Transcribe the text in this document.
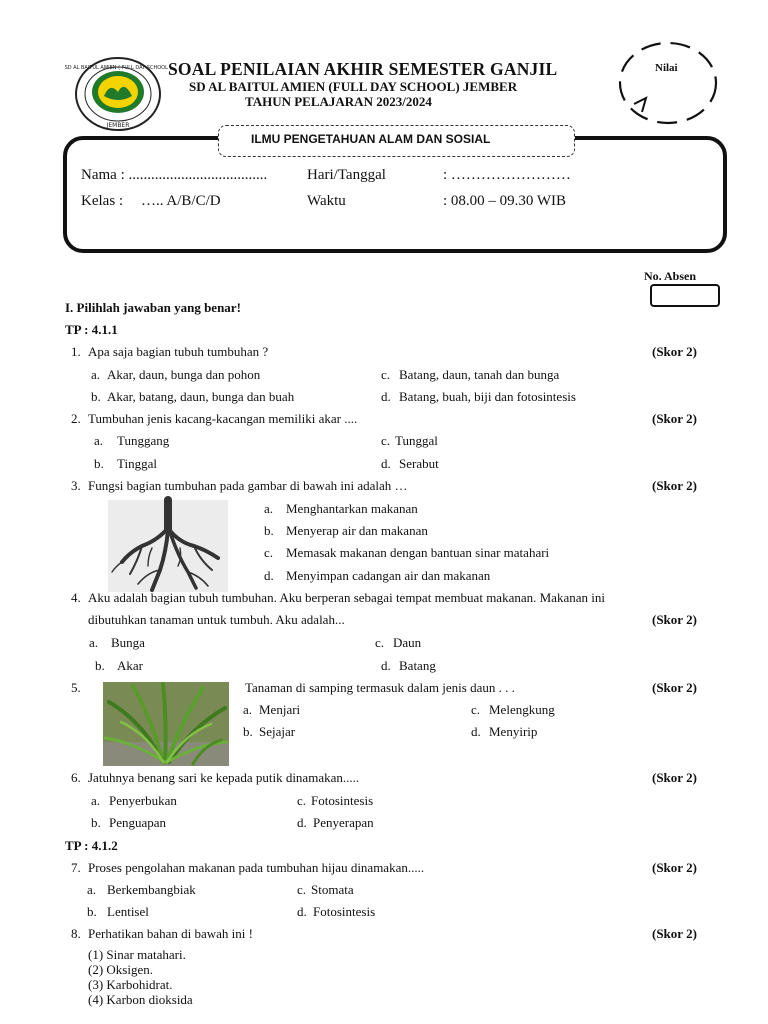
SD AL BAITUL AMIEN ( FULL DAY SCHOOL )
JEMBER
SOAL PENILAIAN AKHIR SEMESTER GANJIL
SD AL BAITUL AMIEN (FULL DAY SCHOOL) JEMBER
TAHUN PELAJARAN 2023/2024
Nilai
ILMU PENGETAHUAN ALAM DAN SOSIAL
Nama : .....................................	Hari/Tanggal	: ……………………
Kelas : ….. A/B/C/D	Waktu	: 08.00 – 09.30 WIB
No. Absen
I. Pilihlah jawaban yang benar!
TP : 4.1.1
1. Apa saja bagian tubuh tumbuhan ?	(Skor 2)
a. Akar, daun, bunga dan pohon	c. Batang, daun, tanah dan bunga
b. Akar, batang, daun, bunga dan buah	d. Batang, buah, biji dan fotosintesis
2. Tumbuhan jenis kacang-kacangan memiliki akar ....	(Skor 2)
a. Tunggang	c. Tunggal
b. Tinggal	d. Serabut
3. Fungsi bagian tumbuhan pada gambar di bawah ini adalah …	(Skor 2)
a. Menghantarkan makanan
b. Menyerap air dan makanan
c. Memasak makanan dengan bantuan sinar matahari
d. Menyimpan cadangan air dan makanan
4. Aku adalah bagian tubuh tumbuhan. Aku berperan sebagai tempat membuat makanan. Makanan ini
dibutuhkan tanaman untuk tumbuh. Aku adalah...	(Skor 2)
a. Bunga	c. Daun
b. Akar	d. Batang
5.	Tanaman di samping termasuk dalam jenis daun . . .	(Skor 2)
a. Menjari	c. Melengkung
b. Sejajar	d. Menyirip
6. Jatuhnya benang sari ke kepada putik dinamakan.....	(Skor 2)
a. Penyerbukan	c. Fotosintesis
b. Penguapan	d. Penyerapan
TP : 4.1.2
7. Proses pengolahan makanan pada tumbuhan hijau dinamakan.....	(Skor 2)
a. Berkembangbiak	c. Stomata
b. Lentisel	d. Fotosintesis
8. Perhatikan bahan di bawah ini !	(Skor 2)
(1) Sinar matahari.
(2) Oksigen.
(3) Karbohidrat.
(4) Karbon dioksida
